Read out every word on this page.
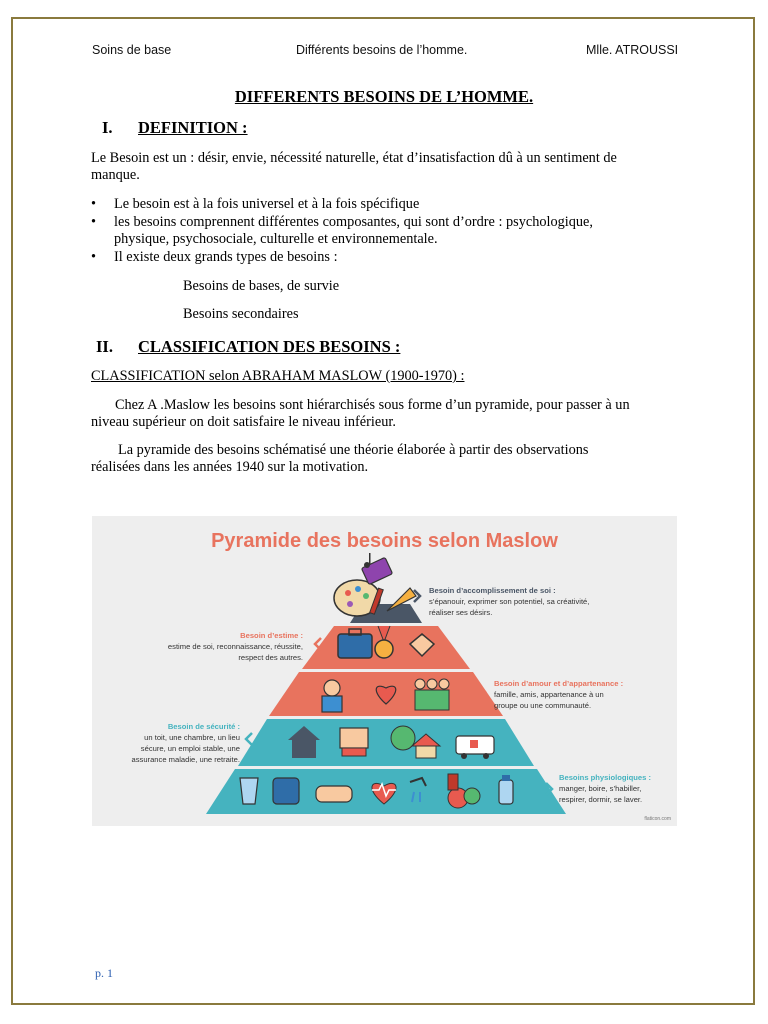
Soins de base	Différents besoins de l’homme.	Mlle. ATROUSSI
DIFFERENTS BESOINS DE L’HOMME.
I. DEFINITION :
Le Besoin est un : désir, envie, nécessité naturelle, état d’insatisfaction dû à un sentiment de
manque.
• Le besoin est à la fois universel et à la fois spécifique
• les besoins comprennent différentes composantes, qui sont d’ordre : psychologique,
physique, psychosociale, culturelle et environnementale.
• Il existe deux grands types de besoins :
Besoins de bases, de survie
Besoins secondaires
II. CLASSIFICATION DES BESOINS :
CLASSIFICATION selon ABRAHAM MASLOW (1900-1970) :
Chez A .Maslow les besoins sont hiérarchisés sous forme d’un pyramide, pour passer à un
niveau supérieur on doit satisfaire le niveau inférieur.
La pyramide des besoins schématisé une théorie élaborée à partir des observations
réalisées dans les années 1940 sur la motivation.
Pyramide des besoins selon Maslow
Besoin d’accomplissement de soi :
s’épanouir, exprimer son potentiel, sa créativité,
réaliser ses désirs.
Besoin d’estime :
estime de soi, reconnaissance, réussite,
respect des autres.
Besoin d’amour et d’appartenance :
famille, amis, appartenance à un
groupe ou une communauté.
Besoin de sécurité :
un toit, une chambre, un lieu
sécure, un emploi stable, une
assurance maladie, une retraite.
Besoins physiologiques :
manger, boire, s’habiller,
respirer, dormir, se laver.
flaticon.com
p. 1
